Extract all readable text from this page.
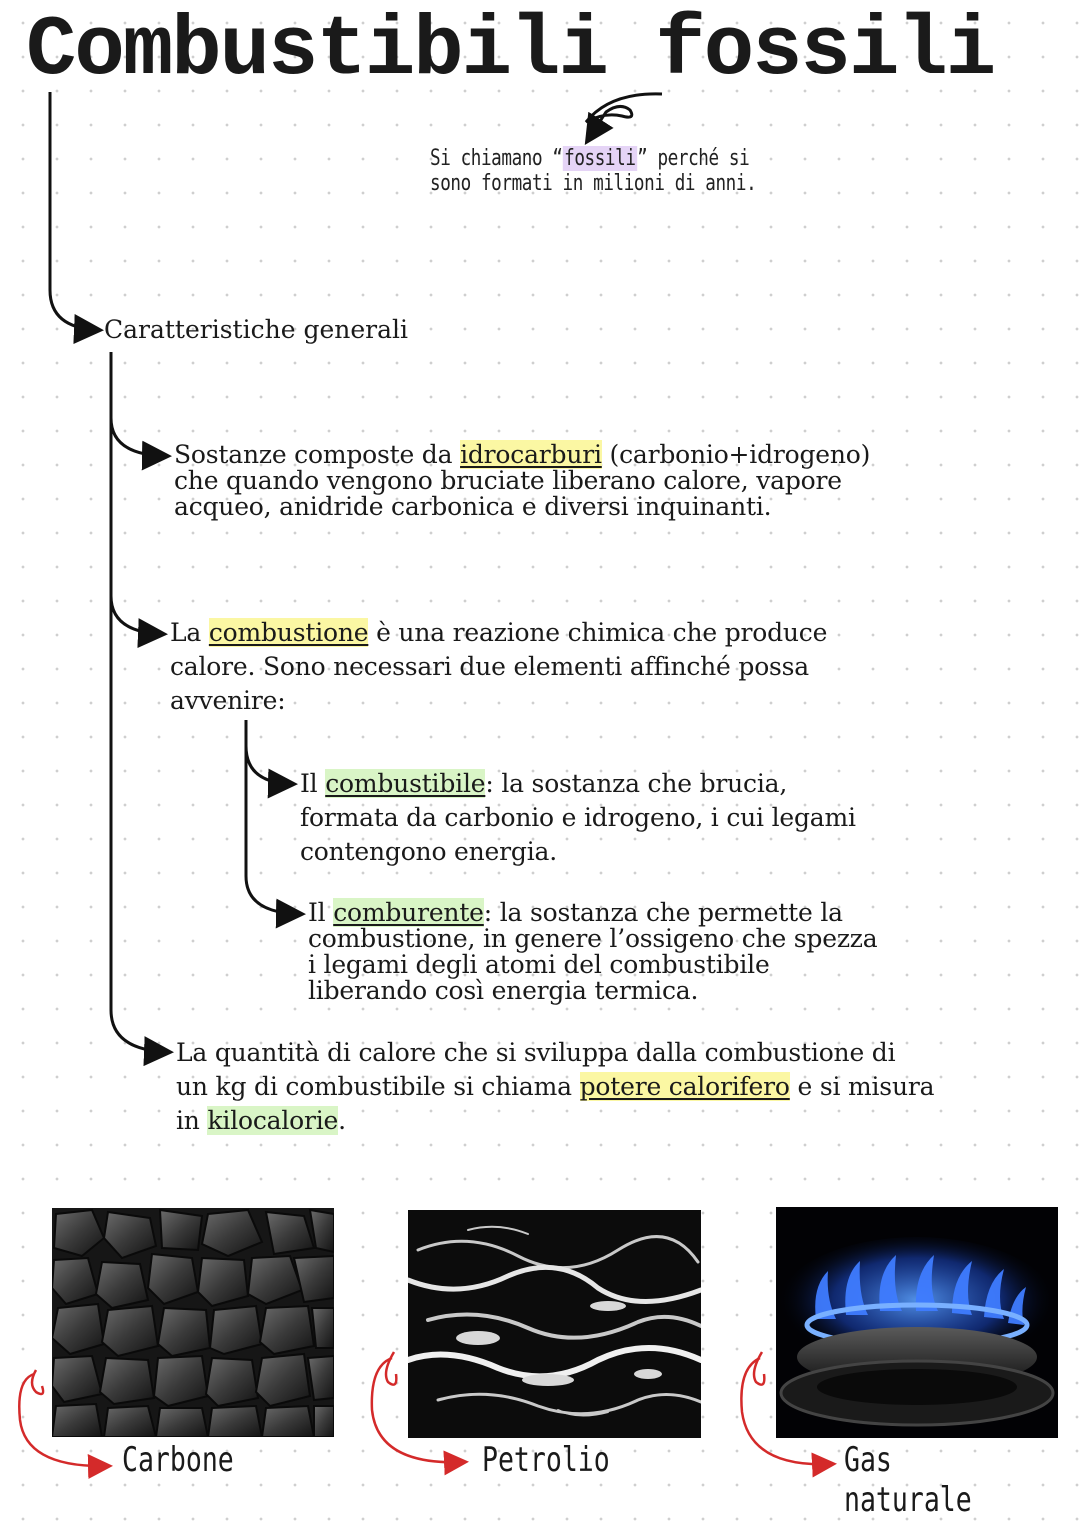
Combustibili fossili

Si chiamano “fossili” perché si
sono formati in milioni di anni.

Caratteristiche generali

Sostanze composte da idrocarburi (carbonio+idrogeno)
che quando vengono bruciate liberano calore, vapore
acqueo, anidride carbonica e diversi inquinanti.

La combustione è una reazione chimica che produce
calore. Sono necessari due elementi affinché possa
avvenire:

Il combustibile: la sostanza che brucia,
formata da carbonio e idrogeno, i cui legami
contengono energia.

Il comburente: la sostanza che permette la
combustione, in genere l’ossigeno che spezza
i legami degli atomi del combustibile
liberando così energia termica.

La quantità di calore che si sviluppa dalla combustione di
un kg di combustibile si chiama potere calorifero e si misura
in kilocalorie.

Carbone	Petrolio	Gas naturale
